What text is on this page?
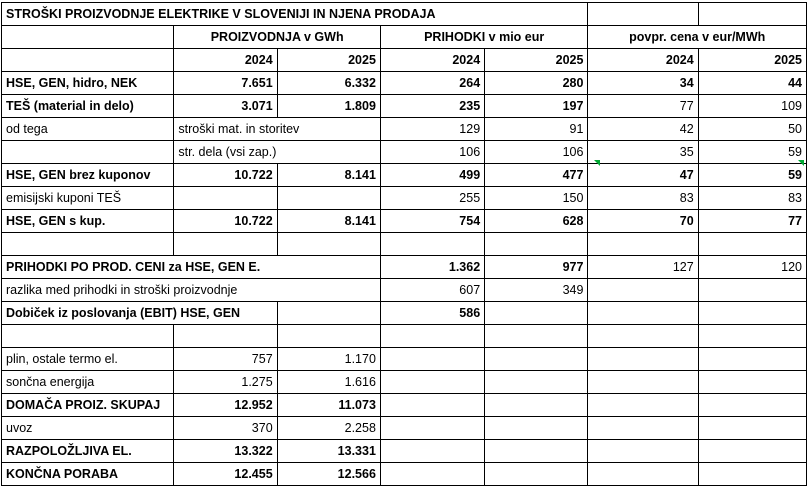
STROŠKI PROIZVODNJE ELEKTRIKE V SLOVENIJI IN NJENA PRODAJA						
	PROIZVODNJA v GWh		PRIHODKI v mio eur		povpr. cena v eur/MWh	
	2024	2025	2024	2025	2024	2025
HSE, GEN, hidro, NEK	7.651	6.332	264	280	34	44
TEŠ (material in delo)	3.071	1.809	235	197	77	109
od tega	stroški mat. in storitev		129	91	42	50
	str. dela (vsi zap.)		106	106	35	59
HSE, GEN brez kuponov	10.722	8.141	499	477	47	59
emisijski kuponi TEŠ			255	150	83	83
HSE, GEN s kup.	10.722	8.141	754	628	70	77

PRIHODKI PO PROD. CENI za HSE, GEN E.			1.362	977	127	120
razlika med prihodki in stroški proizvodnje			607	349		
Dobiček iz poslovanja (EBIT) HSE, GEN			586			

plin, ostale termo el.	757	1.170				
sončna energija	1.275	1.616				
DOMAČA PROIZ. SKUPAJ	12.952	11.073				
uvoz	370	2.258				
RAZPOLOŽLJIVA EL.	13.322	13.331				
KONČNA PORABA	12.455	12.566				
